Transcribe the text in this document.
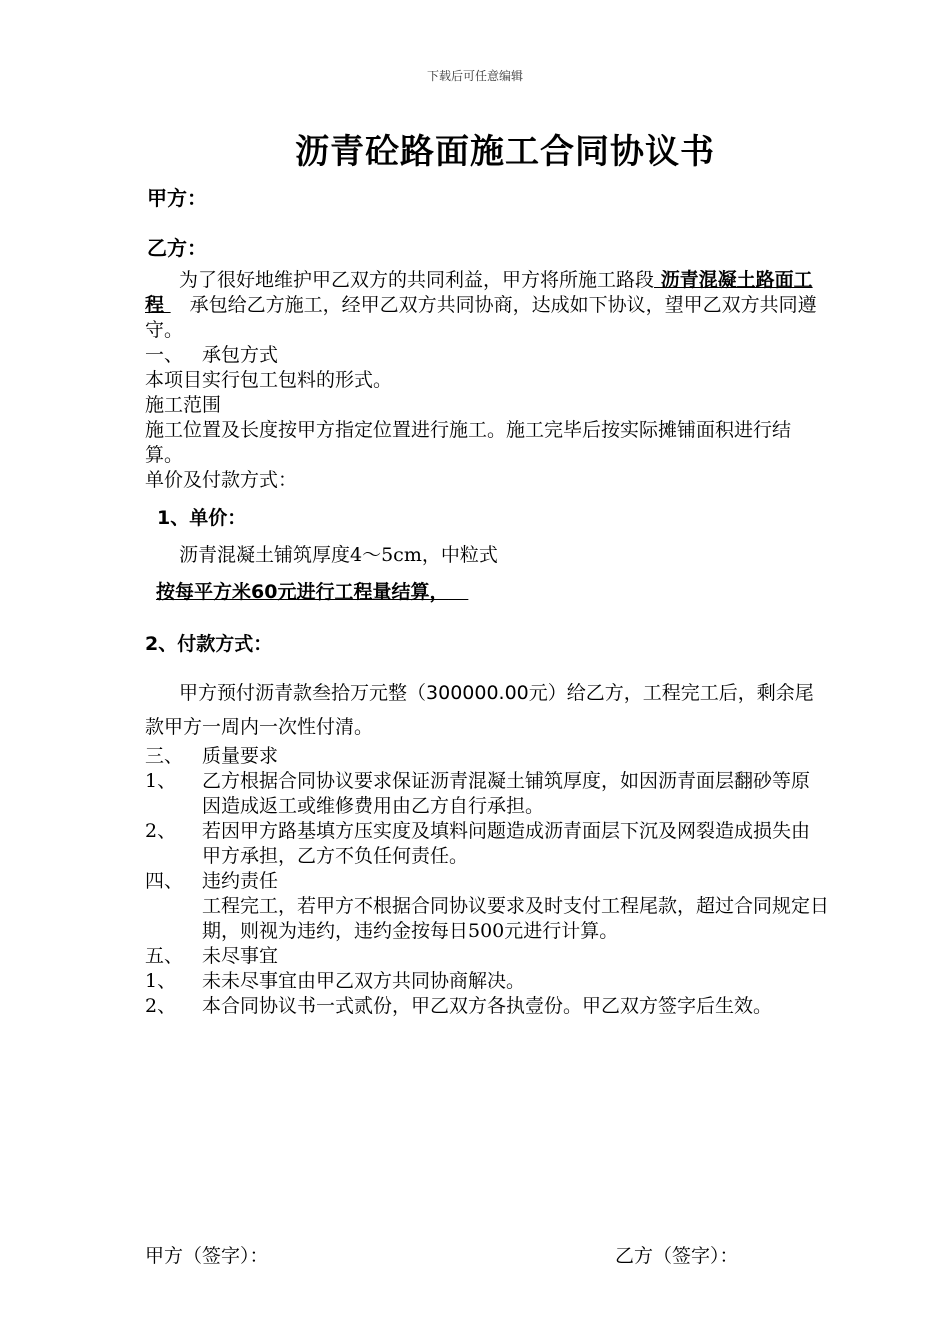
下载后可任意编辑
沥青砼路面施工合同协议书
甲方：
乙方：

为了很好地维护甲乙双方的共同利益，甲方将所施工路段 沥青混凝土路面工程 　承包给乙方施工，经甲乙双方共同协商，达成如下协议，望甲乙双方共同遵守。

一、 承包方式

本项目实行包工包料的形式。

施工范围

施工位置及长度按甲方指定位置进行施工。施工完毕后按实际摊铺面积进行结算。

单价及付款方式：

1、单价：

沥青混凝土铺筑厚度4～5cm，中粒式

按每平方米60元进行工程量结算，

2、付款方式：

甲方预付沥青款叁拾万元整（300000.00元）给乙方，工程完工后，剩余尾款甲方一周内一次性付清。

三、 质量要求
1、	乙方根据合同协议要求保证沥青混凝土铺筑厚度，如因沥青面层翻砂等原因造成返工或维修费用由乙方自行承担。
2、	若因甲方路基填方压实度及填料问题造成沥青面层下沉及网裂造成损失由甲方承担，乙方不负任何责任。
四、 违约责任

工程完工，若甲方不根据合同协议要求及时支付工程尾款，超过合同规定日期，则视为违约，违约金按每日500元进行计算。

五、 未尽事宜
1、	未未尽事宜由甲乙双方共同协商解决。
2、	本合同协议书一式贰份，甲乙双方各执壹份。甲乙双方签字后生效。
甲方（签字）：	乙方（签字）：
